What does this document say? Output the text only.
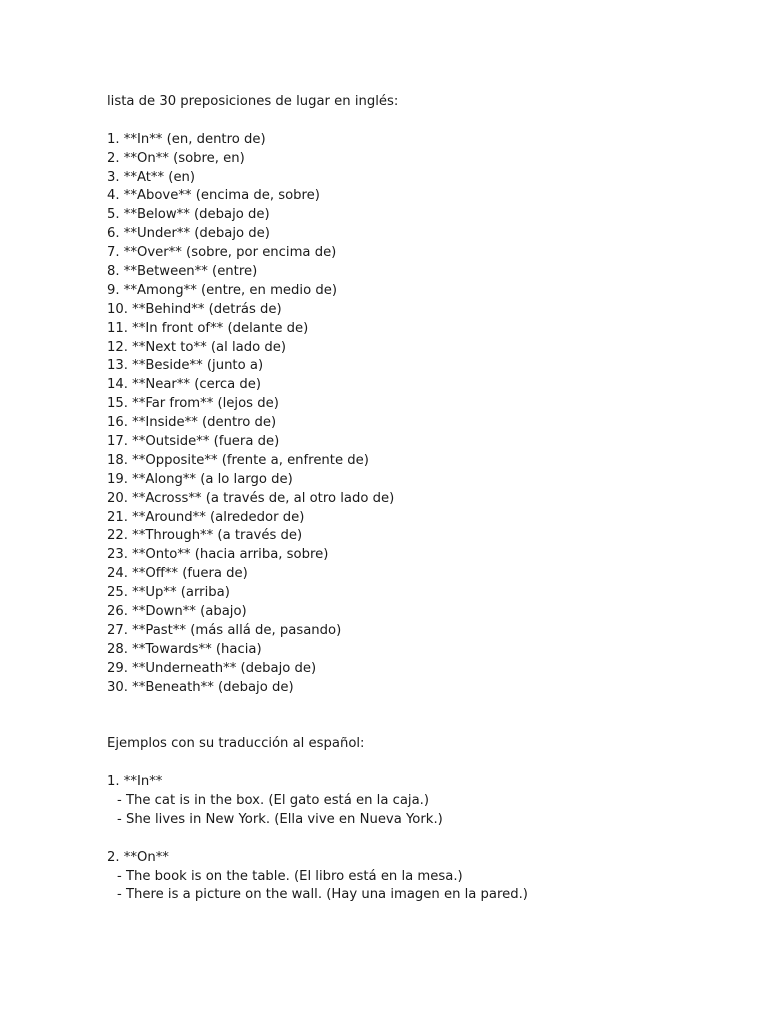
lista de 30 preposiciones de lugar en inglés:
1. **In** (en, dentro de)
2. **On** (sobre, en)
3. **At** (en)
4. **Above** (encima de, sobre)
5. **Below** (debajo de)
6. **Under** (debajo de)
7. **Over** (sobre, por encima de)
8. **Between** (entre)
9. **Among** (entre, en medio de)
10. **Behind** (detrás de)
11. **In front of** (delante de)
12. **Next to** (al lado de)
13. **Beside** (junto a)
14. **Near** (cerca de)
15. **Far from** (lejos de)
16. **Inside** (dentro de)
17. **Outside** (fuera de)
18. **Opposite** (frente a, enfrente de)
19. **Along** (a lo largo de)
20. **Across** (a través de, al otro lado de)
21. **Around** (alrededor de)
22. **Through** (a través de)
23. **Onto** (hacia arriba, sobre)
24. **Off** (fuera de)
25. **Up** (arriba)
26. **Down** (abajo)
27. **Past** (más allá de, pasando)
28. **Towards** (hacia)
29. **Underneath** (debajo de)
30. **Beneath** (debajo de)
Ejemplos con su traducción al español:
1. **In**
- The cat is in the box. (El gato está en la caja.)
- She lives in New York. (Ella vive en Nueva York.)
2. **On**
- The book is on the table. (El libro está en la mesa.)
- There is a picture on the wall. (Hay una imagen en la pared.)
